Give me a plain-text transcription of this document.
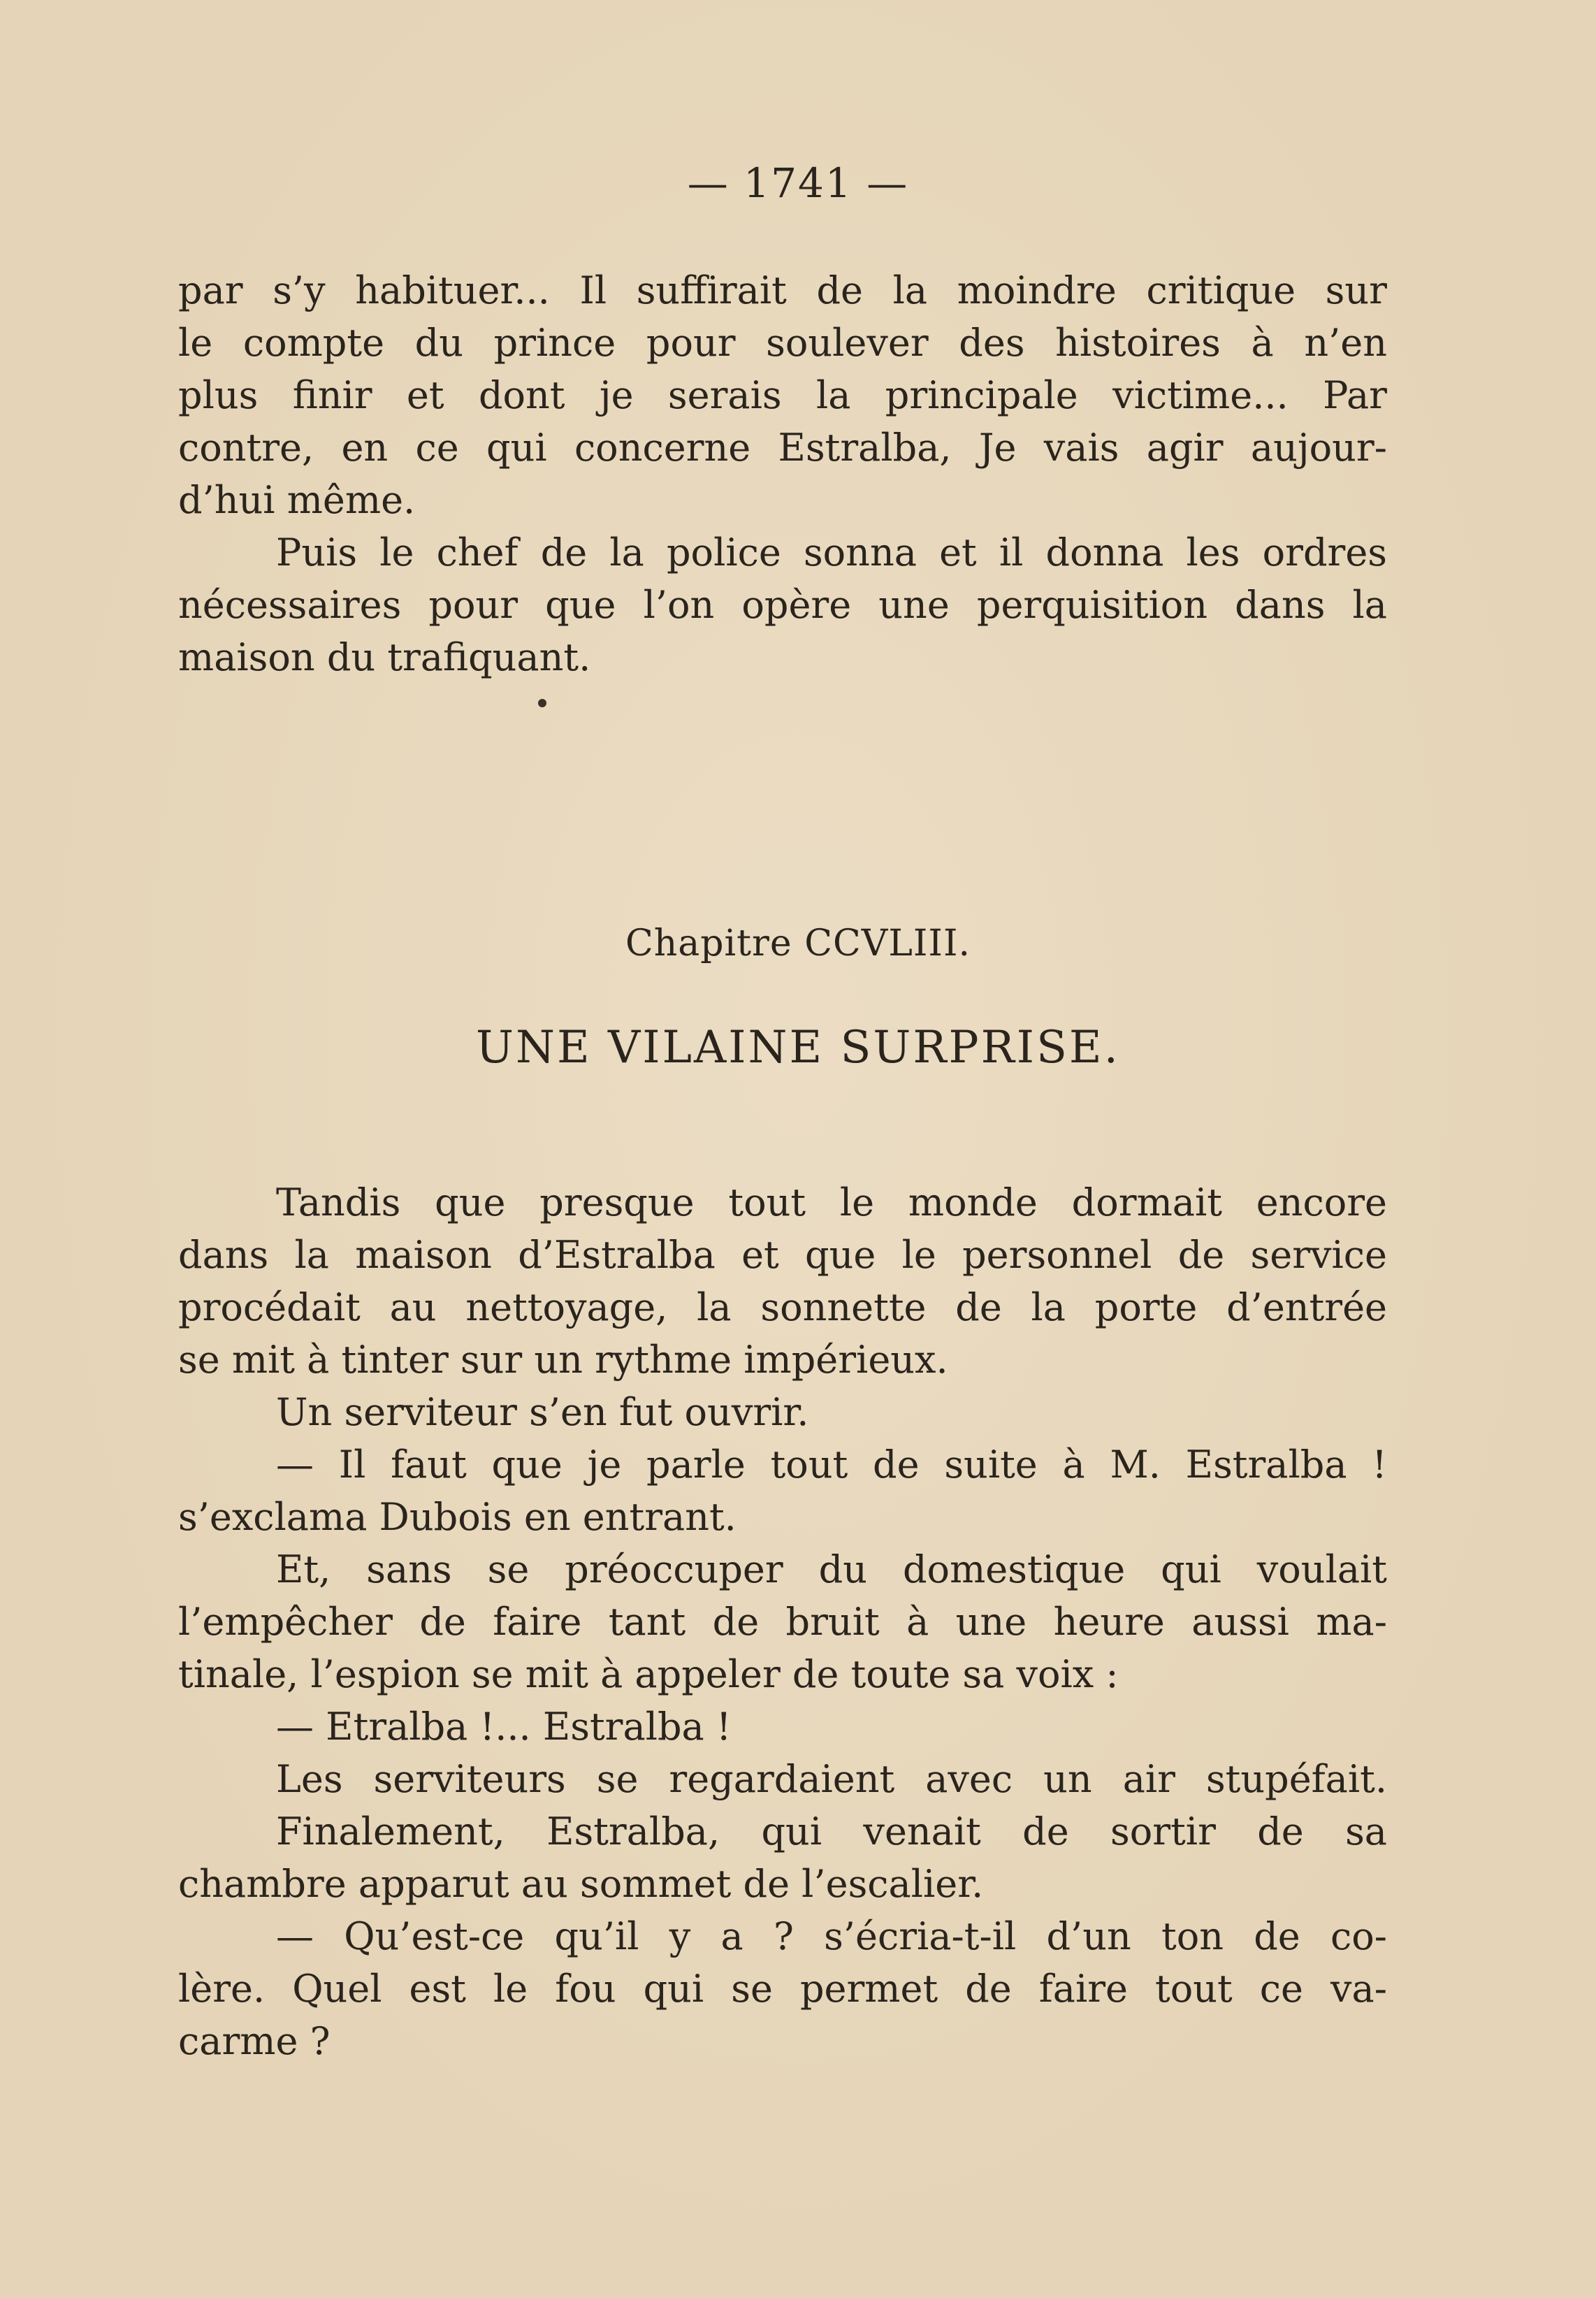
— 1741 —
par s’y habituer... Il suffirait de la moindre critique sur
le compte du prince pour soulever des histoires à n’en
plus finir et dont je serais la principale victime... Par
contre, en ce qui concerne Estralba, Je vais agir aujour-
d’hui même.
Puis le chef de la police sonna et il donna les ordres
nécessaires pour que l’on opère une perquisition dans la
maison du trafiquant.
Chapitre CCVLIII.
UNE VILAINE SURPRISE.
Tandis que presque tout le monde dormait encore
dans la maison d’Estralba et que le personnel de service
procédait au nettoyage, la sonnette de la porte d’entrée
se mit à tinter sur un rythme impérieux.
Un serviteur s’en fut ouvrir.
— Il faut que je parle tout de suite à M. Estralba !
s’exclama Dubois en entrant.
Et, sans se préoccuper du domestique qui voulait
l’empêcher de faire tant de bruit à une heure aussi ma-
tinale, l’espion se mit à appeler de toute sa voix :
— Etralba !... Estralba !
Les serviteurs se regardaient avec un air stupéfait.
Finalement, Estralba, qui venait de sortir de sa
chambre apparut au sommet de l’escalier.
— Qu’est-ce qu’il y a ? s’écria-t-il d’un ton de co-
lère. Quel est le fou qui se permet de faire tout ce va-
carme ?
